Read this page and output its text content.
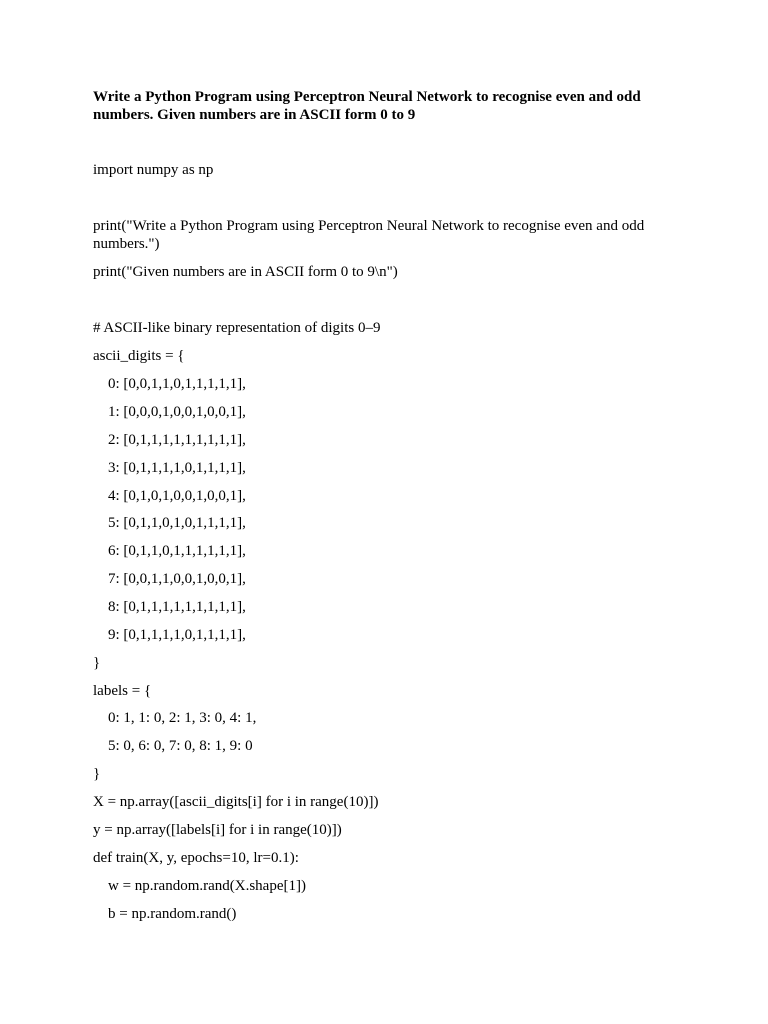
Write a Python Program using Perceptron Neural Network to recognise even and odd numbers. Given numbers are in ASCII form 0 to 9

import numpy as np

print("Write a Python Program using Perceptron Neural Network to recognise even and odd numbers.")

print("Given numbers are in ASCII form 0 to 9\n")

# ASCII-like binary representation of digits 0–9

ascii_digits = {

0: [0,0,1,1,0,1,1,1,1,1],

1: [0,0,0,1,0,0,1,0,0,1],

2: [0,1,1,1,1,1,1,1,1,1],

3: [0,1,1,1,1,0,1,1,1,1],

4: [0,1,0,1,0,0,1,0,0,1],

5: [0,1,1,0,1,0,1,1,1,1],

6: [0,1,1,0,1,1,1,1,1,1],

7: [0,0,1,1,0,0,1,0,0,1],

8: [0,1,1,1,1,1,1,1,1,1],

9: [0,1,1,1,1,0,1,1,1,1],

}

labels = {

0: 1, 1: 0, 2: 1, 3: 0, 4: 1,

5: 0, 6: 0, 7: 0, 8: 1, 9: 0

}

X = np.array([ascii_digits[i] for i in range(10)])

y = np.array([labels[i] for i in range(10)])

def train(X, y, epochs=10, lr=0.1):

w = np.random.rand(X.shape[1])

b = np.random.rand()
